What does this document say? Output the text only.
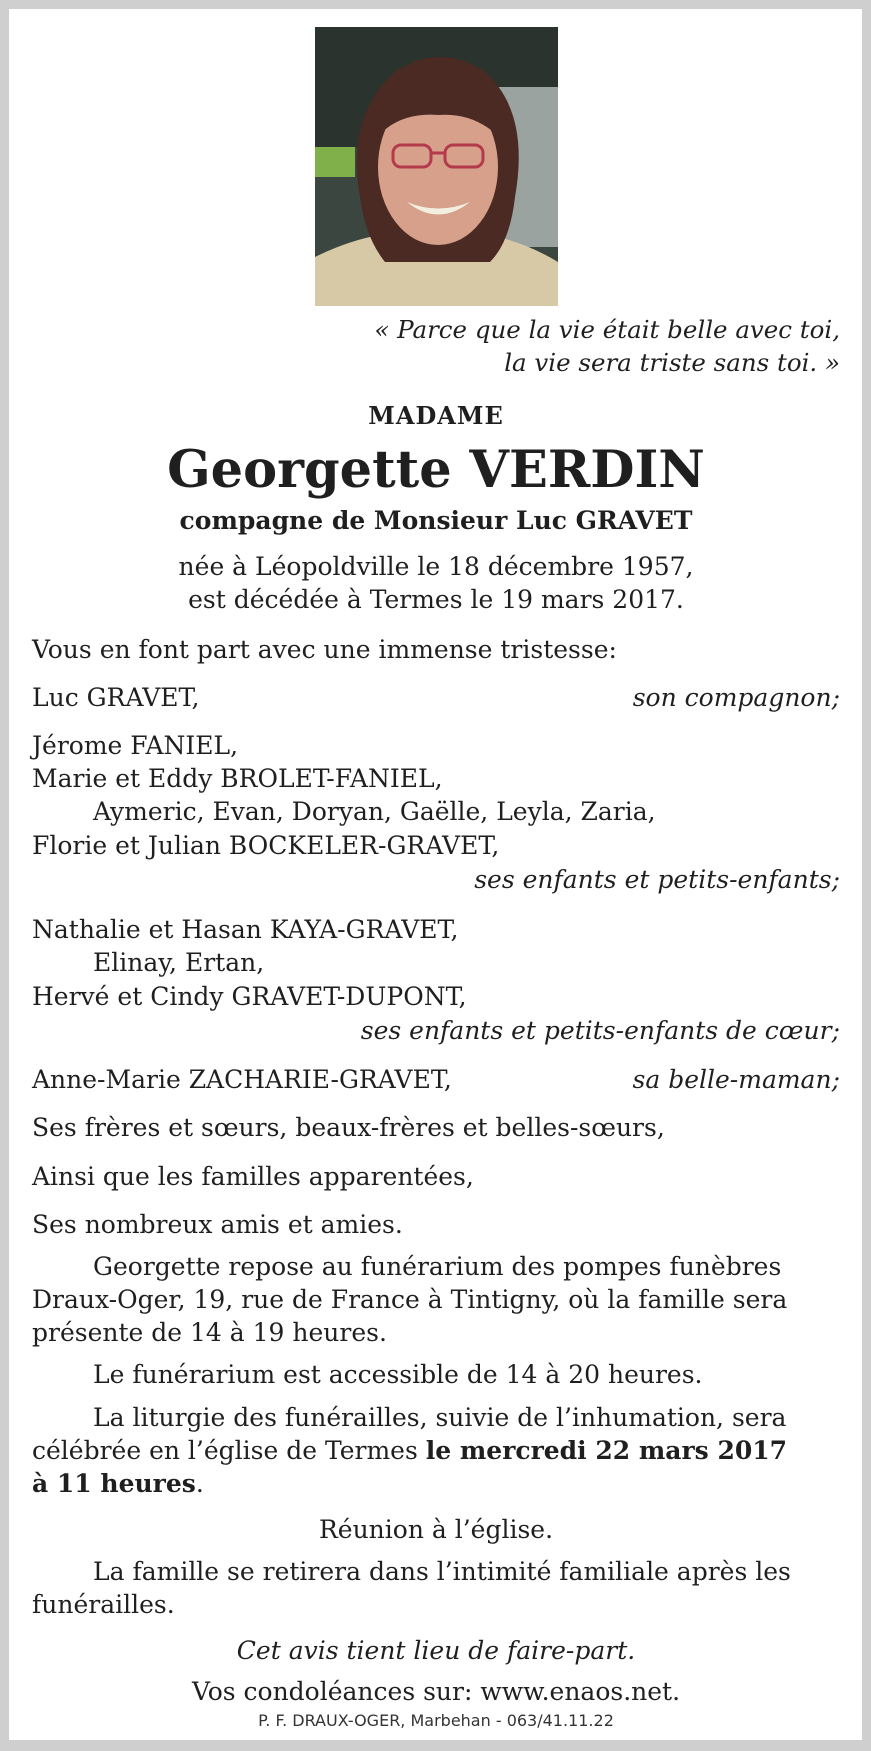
« Parce que la vie était belle avec toi,
la vie sera triste sans toi. »
MADAME
Georgette VERDIN
compagne de Monsieur Luc GRAVET
née à Léopoldville le 18 décembre 1957,
est décédée à Termes le 19 mars 2017.
Vous en font part avec une immense tristesse:
Luc GRAVET,	son compagnon;
Jérome FANIEL,
Marie et Eddy BROLET-FANIEL,
Aymeric, Evan, Doryan, Gaëlle, Leyla, Zaria,
Florie et Julian BOCKELER-GRAVET,
ses enfants et petits-enfants;
Nathalie et Hasan KAYA-GRAVET,
Elinay, Ertan,
Hervé et Cindy GRAVET-DUPONT,
ses enfants et petits-enfants de cœur;
Anne-Marie ZACHARIE-GRAVET,	sa belle-maman;
Ses frères et sœurs, beaux-frères et belles-sœurs,
Ainsi que les familles apparentées,
Ses nombreux amis et amies.
Georgette repose au funérarium des pompes funèbres
Draux-Oger, 19, rue de France à Tintigny, où la famille sera
présente de 14 à 19 heures.
Le funérarium est accessible de 14 à 20 heures.
La liturgie des funérailles, suivie de l’inhumation, sera
célébrée en l’église de Termes le mercredi 22 mars 2017
à 11 heures.
Réunion à l’église.
La famille se retirera dans l’intimité familiale après les
funérailles.
Cet avis tient lieu de faire-part.
Vos condoléances sur: www.enaos.net.
P. F. DRAUX-OGER, Marbehan - 063/41.11.22
